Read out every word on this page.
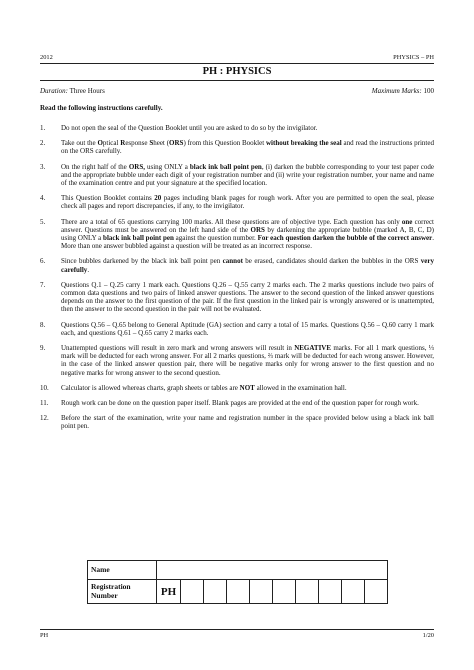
2012	PHYSICS – PH
PH : PHYSICS
Duration: Three Hours	Maximum Marks: 100
Read the following instructions carefully.
1.	Do not open the seal of the Question Booklet until you are asked to do so by the invigilator.
2.	Take out the Optical Response Sheet (ORS) from this Question Booklet without breaking the seal and read the instructions printed on the ORS carefully.
3.	On the right half of the ORS, using ONLY a black ink ball point pen, (i) darken the bubble corresponding to your test paper code and the appropriate bubble under each digit of your registration number and (ii) write your registration number, your name and name of the examination centre and put your signature at the specified location.
4.	This Question Booklet contains 20 pages including blank pages for rough work. After you are permitted to open the seal, please check all pages and report discrepancies, if any, to the invigilator.
5.	There are a total of 65 questions carrying 100 marks. All these questions are of objective type. Each question has only one correct answer. Questions must be answered on the left hand side of the ORS by darkening the appropriate bubble (marked A, B, C, D) using ONLY a black ink ball point pen against the question number. For each question darken the bubble of the correct answer. More than one answer bubbled against a question will be treated as an incorrect response.
6.	Since bubbles darkened by the black ink ball point pen cannot be erased, candidates should darken the bubbles in the ORS very carefully.
7.	Questions Q.1 – Q.25 carry 1 mark each. Questions Q.26 – Q.55 carry 2 marks each. The 2 marks questions include two pairs of common data questions and two pairs of linked answer questions. The answer to the second question of the linked answer questions depends on the answer to the first question of the pair. If the first question in the linked pair is wrongly answered or is unattempted, then the answer to the second question in the pair will not be evaluated.
8.	Questions Q.56 – Q.65 belong to General Aptitude (GA) section and carry a total of 15 marks. Questions Q.56 – Q.60 carry 1 mark each, and questions Q.61 – Q.65 carry 2 marks each.
9.	Unattempted questions will result in zero mark and wrong answers will result in NEGATIVE marks. For all 1 mark questions, ⅓ mark will be deducted for each wrong answer. For all 2 marks questions, ⅔ mark will be deducted for each wrong answer. However, in the case of the linked answer question pair, there will be negative marks only for wrong answer to the first question and no negative marks for wrong answer to the second question.
10.	Calculator is allowed whereas charts, graph sheets or tables are NOT allowed in the examination hall.
11.	Rough work can be done on the question paper itself. Blank pages are provided at the end of the question paper for rough work.
12.	Before the start of the examination, write your name and registration number in the space provided below using a black ink ball point pen.
Name										
Registration Number	PH									
PH	1/20
